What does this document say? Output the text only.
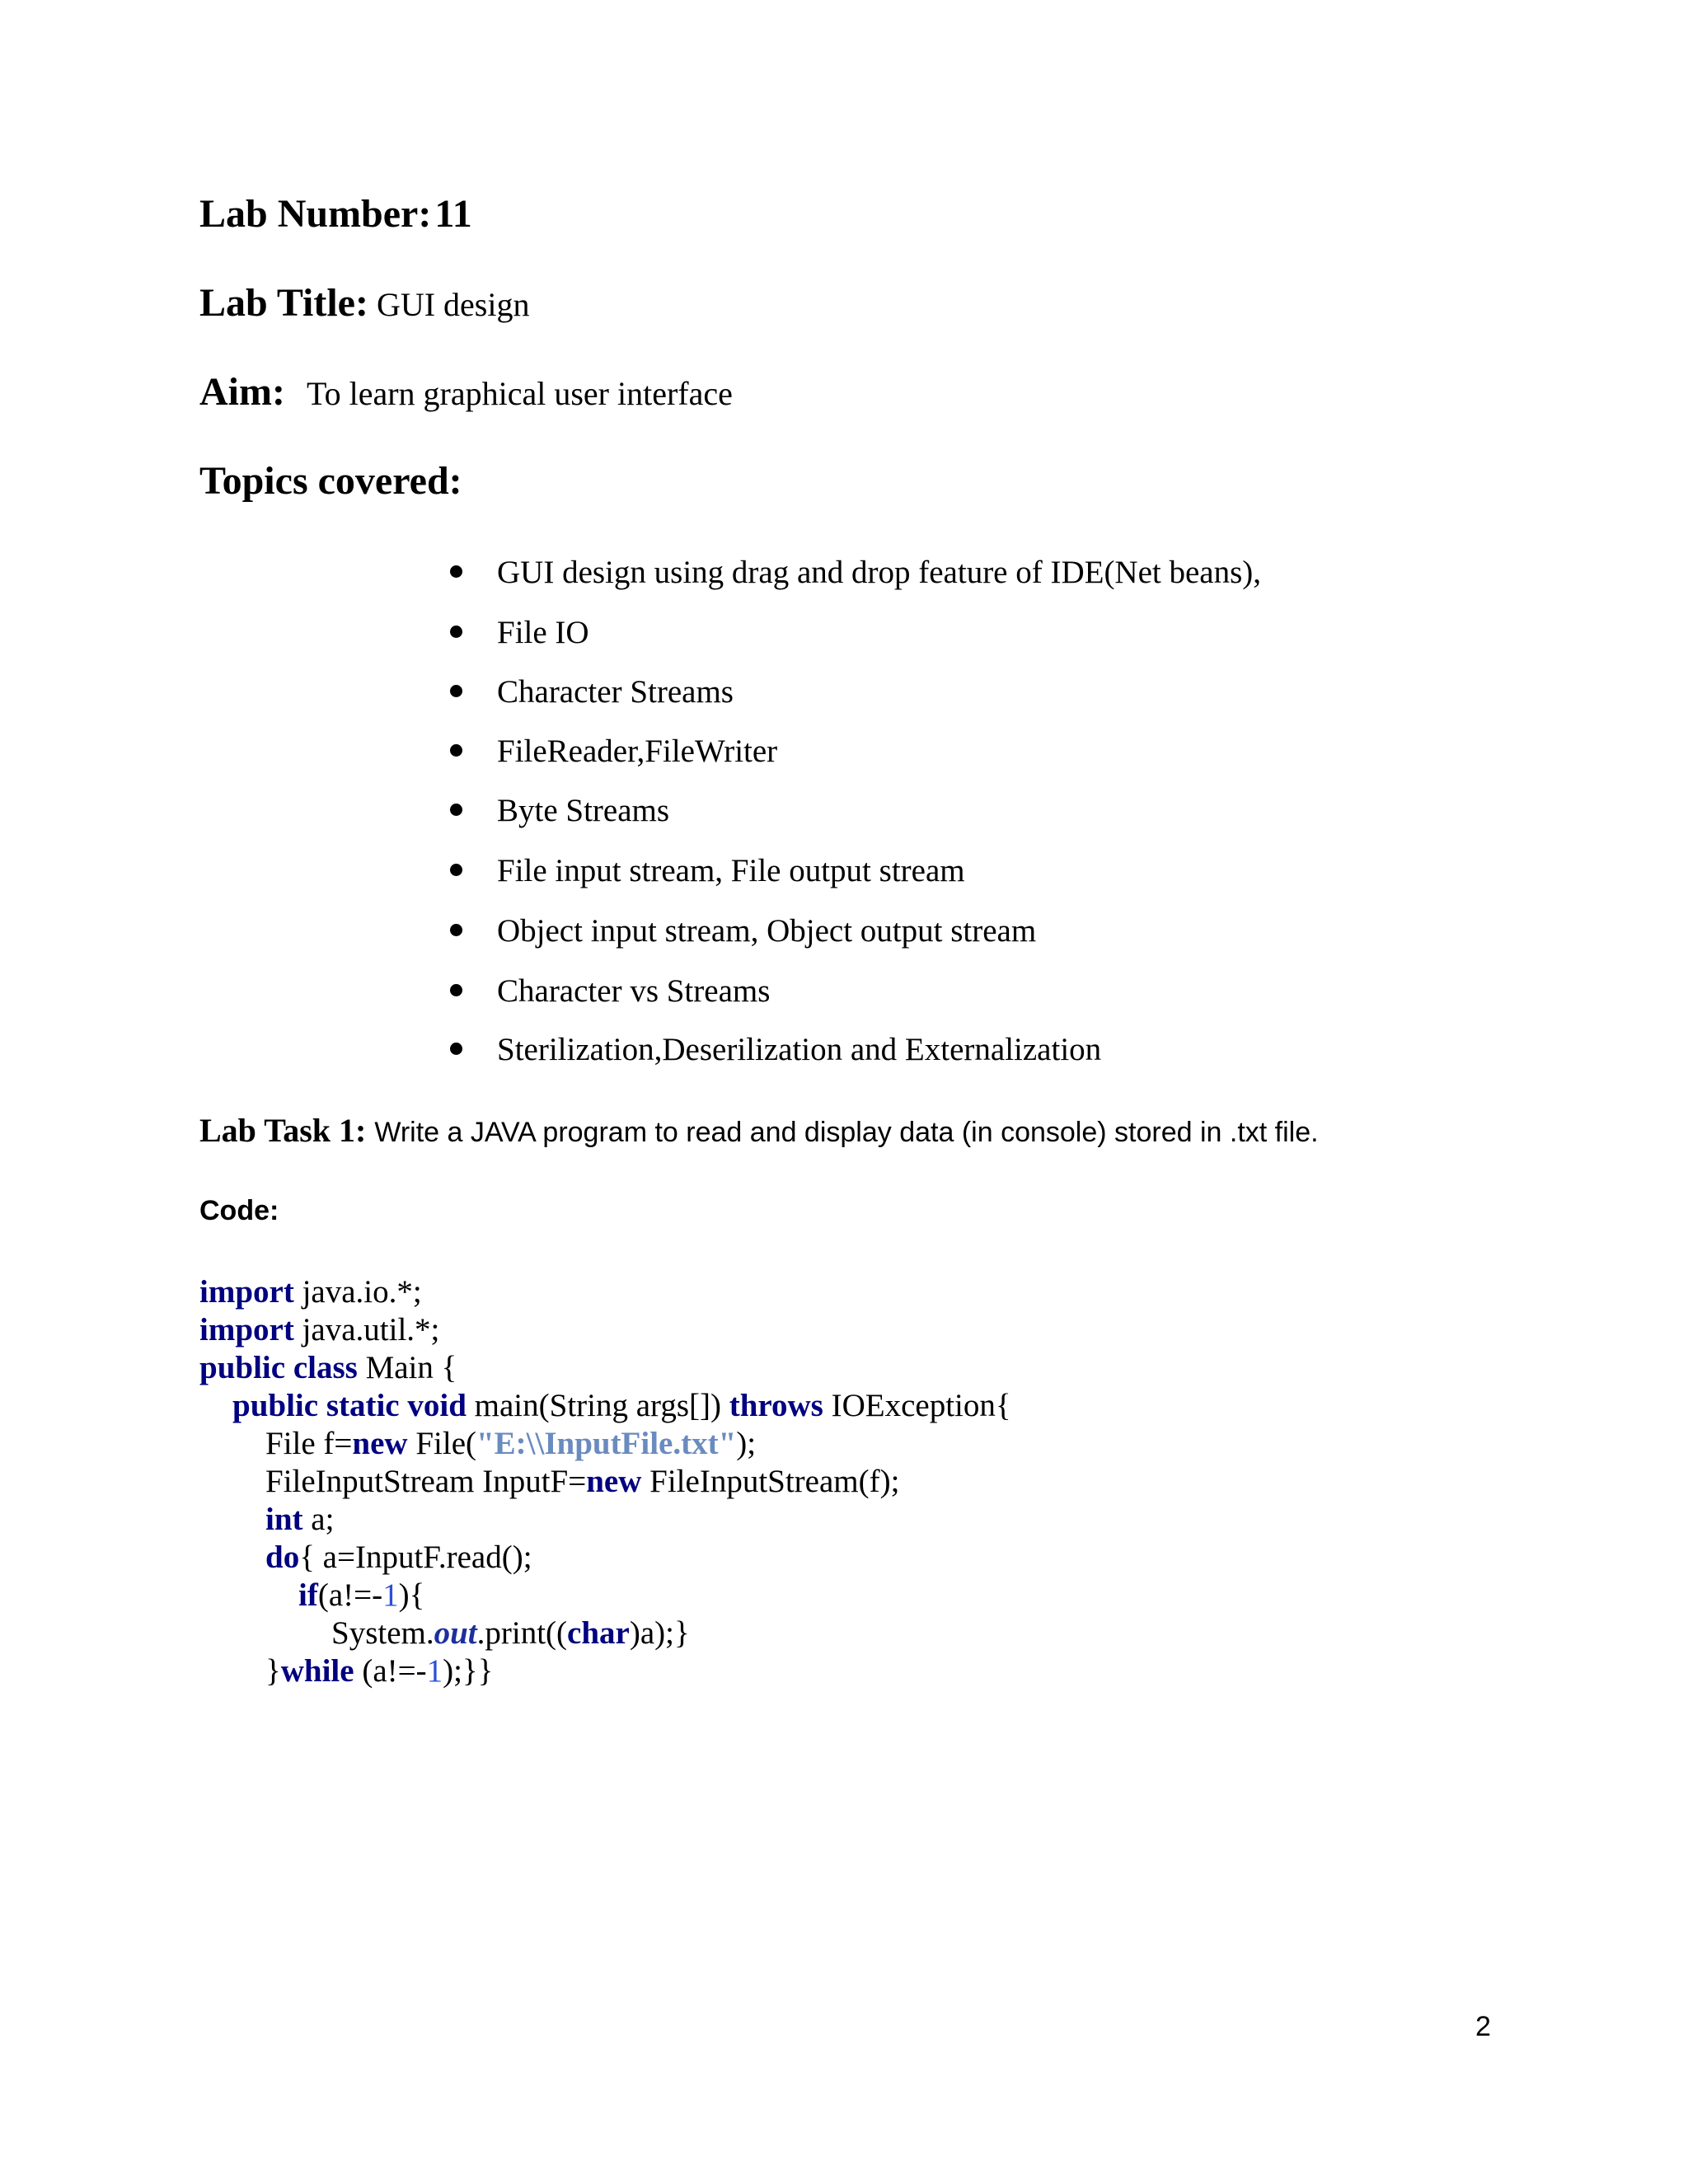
Lab Number: 11
Lab Title: GUI design
Aim: To learn graphical user interface
Topics covered:
GUI design using drag and drop feature of IDE(Net beans),
File IO
Character Streams
FileReader,FileWriter
Byte Streams
File input stream, File output stream
Object input stream, Object output stream
Character vs Streams
Sterilization,Deserilization and Externalization
Lab Task 1: Write a JAVA program to read and display data (in console) stored in .txt file.
Code:
import java.io.*;
import java.util.*;
public class Main {
public static void main(String args[]) throws IOException{
File f=new File("E:\\InputFile.txt");
FileInputStream InputF=new FileInputStream(f);
int a;
do{ a=InputF.read();
if(a!=-1){
System.out.print((char)a);}
}while (a!=-1);}}
2
